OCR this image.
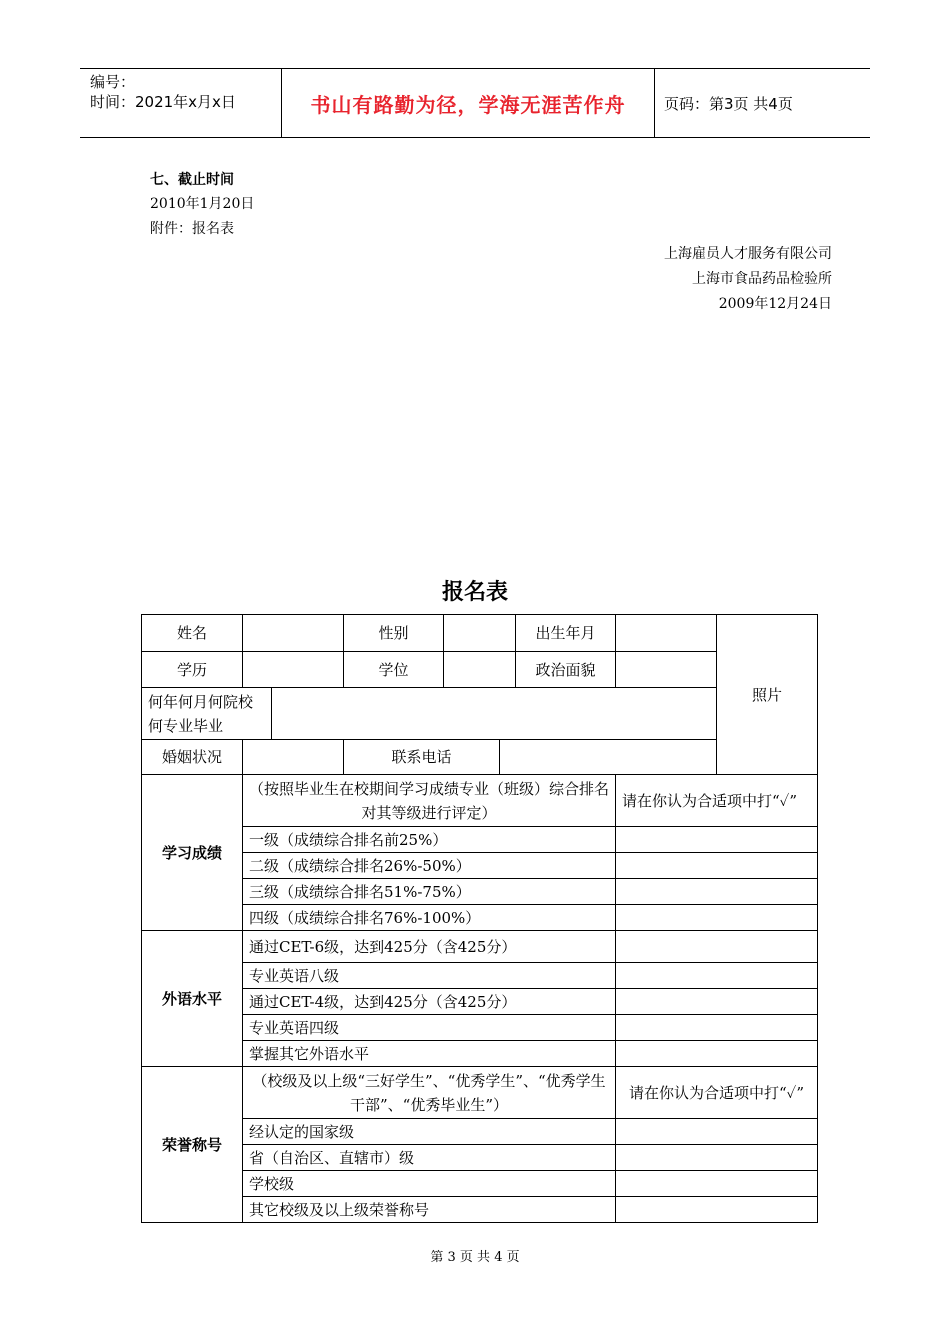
编号：
时间：2021年x月x日	书山有路勤为径，学海无涯苦作舟	页码：第3页 共4页
七、截止时间
2010年1月20日
附件：报名表
上海雇员人才服务有限公司
上海市食品药品检验所
2009年12月24日
报名表
姓名			性别			出生年月		照片
学历			学位			政治面貌		
何年何月何院校何专业毕业								
婚姻状况			联系电话					
学习成绩	（按照毕业生在校期间学习成绩专业（班级）综合排名对其等级进行评定）						请在你认为合适项中打“✓”	
	一级（成绩综合排名前25%）							
	二级（成绩综合排名26%-50%）							
	三级（成绩综合排名51%-75%）							
	四级（成绩综合排名76%-100%）							
外语水平	通过CET-6级，达到425分（含425分）							
	专业英语八级							
	通过CET-4级，达到425分（含425分）							
	专业英语四级							
	掌握其它外语水平							
荣誉称号	（校级及以上级“三好学生”、“优秀学生”、“优秀学生干部”、“优秀毕业生”）						请在你认为合适项中打“✓”	
	经认定的国家级							
	省（自治区、直辖市）级							
	学校级							
	其它校级及以上级荣誉称号							
第 3 页 共 4 页
